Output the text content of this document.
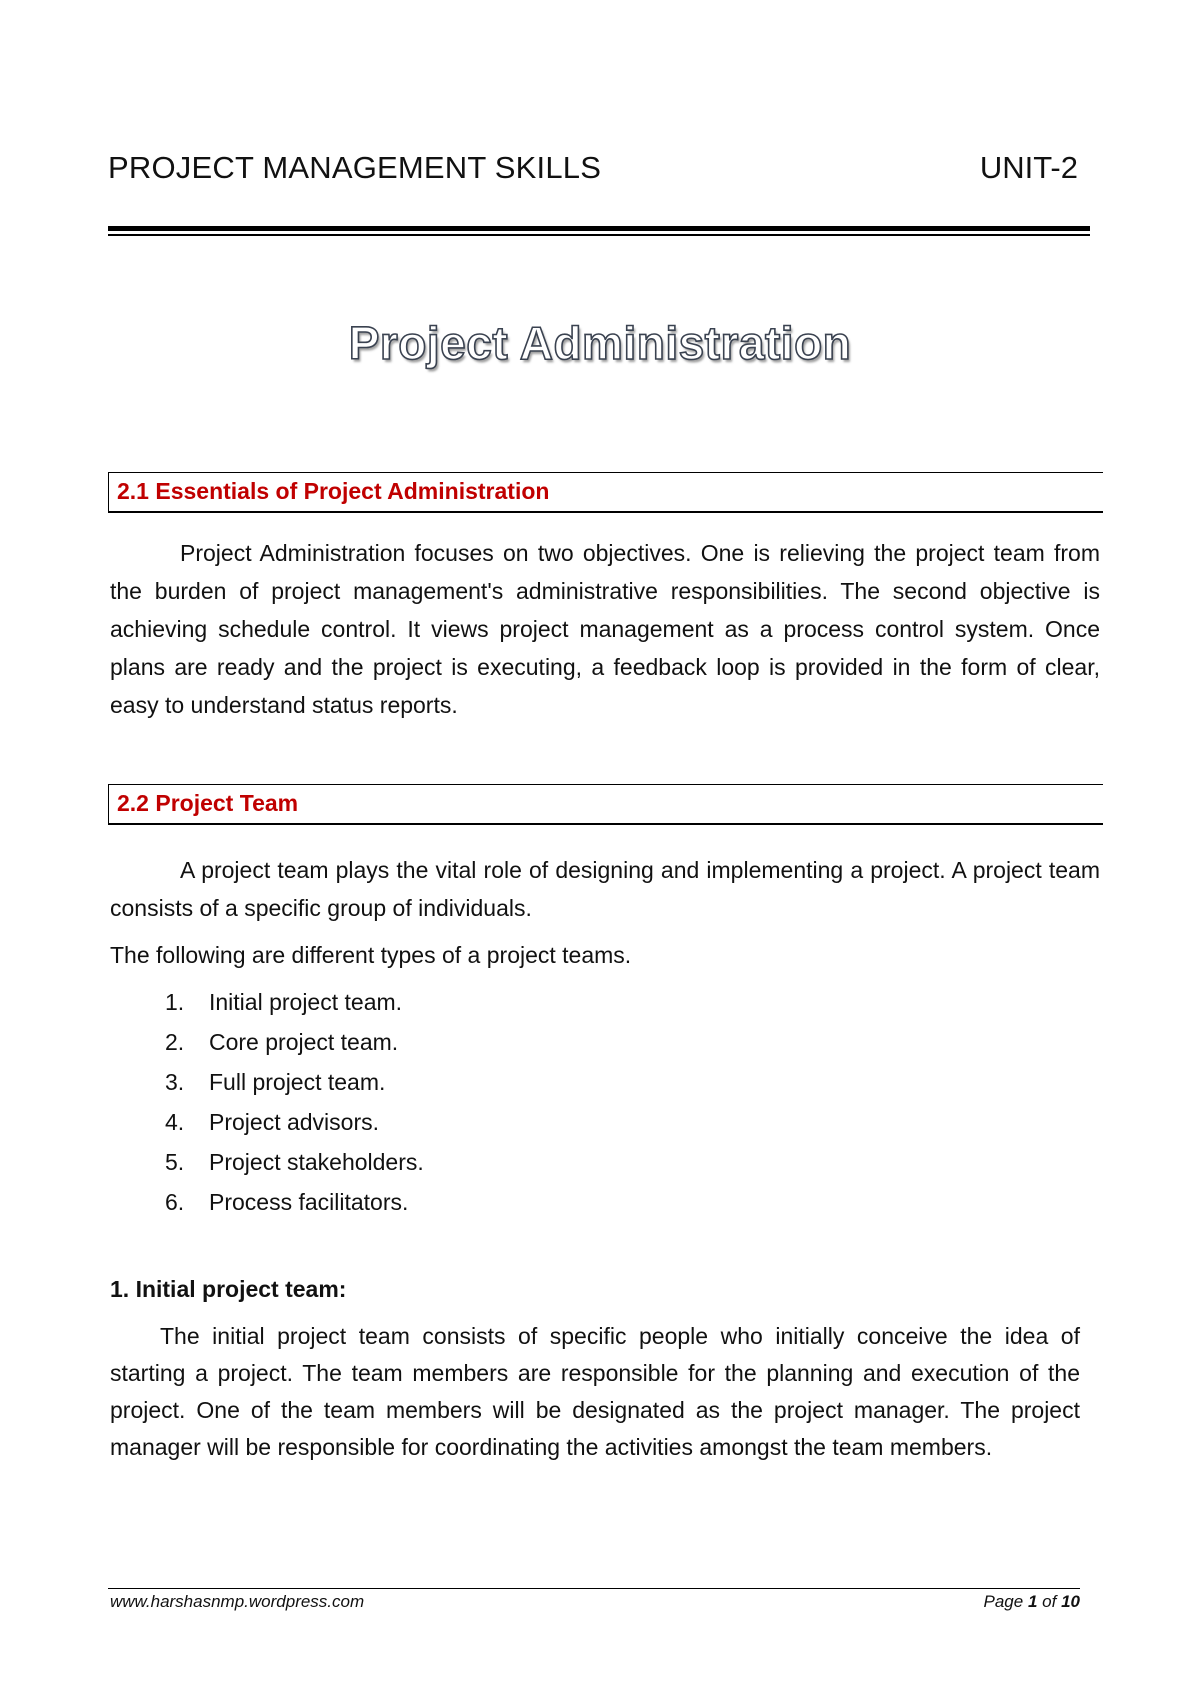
PROJECT MANAGEMENT SKILLS	UNIT-2
Project Administration
2.1 Essentials of Project Administration
Project Administration focuses on two objectives. One is relieving the project team from the burden of project management's administrative responsibilities. The second objective is achieving schedule control. It views project management as a process control system. Once plans are ready and the project is executing, a feedback loop is provided in the form of clear, easy to understand status reports.
2.2 Project Team
A project team plays the vital role of designing and implementing a project. A project team consists of a specific group of individuals.
The following are different types of a project teams.
1.	Initial project team.
2.	Core project team.
3.	Full project team.
4.	Project advisors.
5.	Project stakeholders.
6.	Process facilitators.
1. Initial project team:
The initial project team consists of specific people who initially conceive the idea of starting a project. The team members are responsible for the planning and execution of the project. One of the team members will be designated as the project manager. The project manager will be responsible for coordinating the activities amongst the team members.
www.harshasnmp.wordpress.com	Page 1 of 10
